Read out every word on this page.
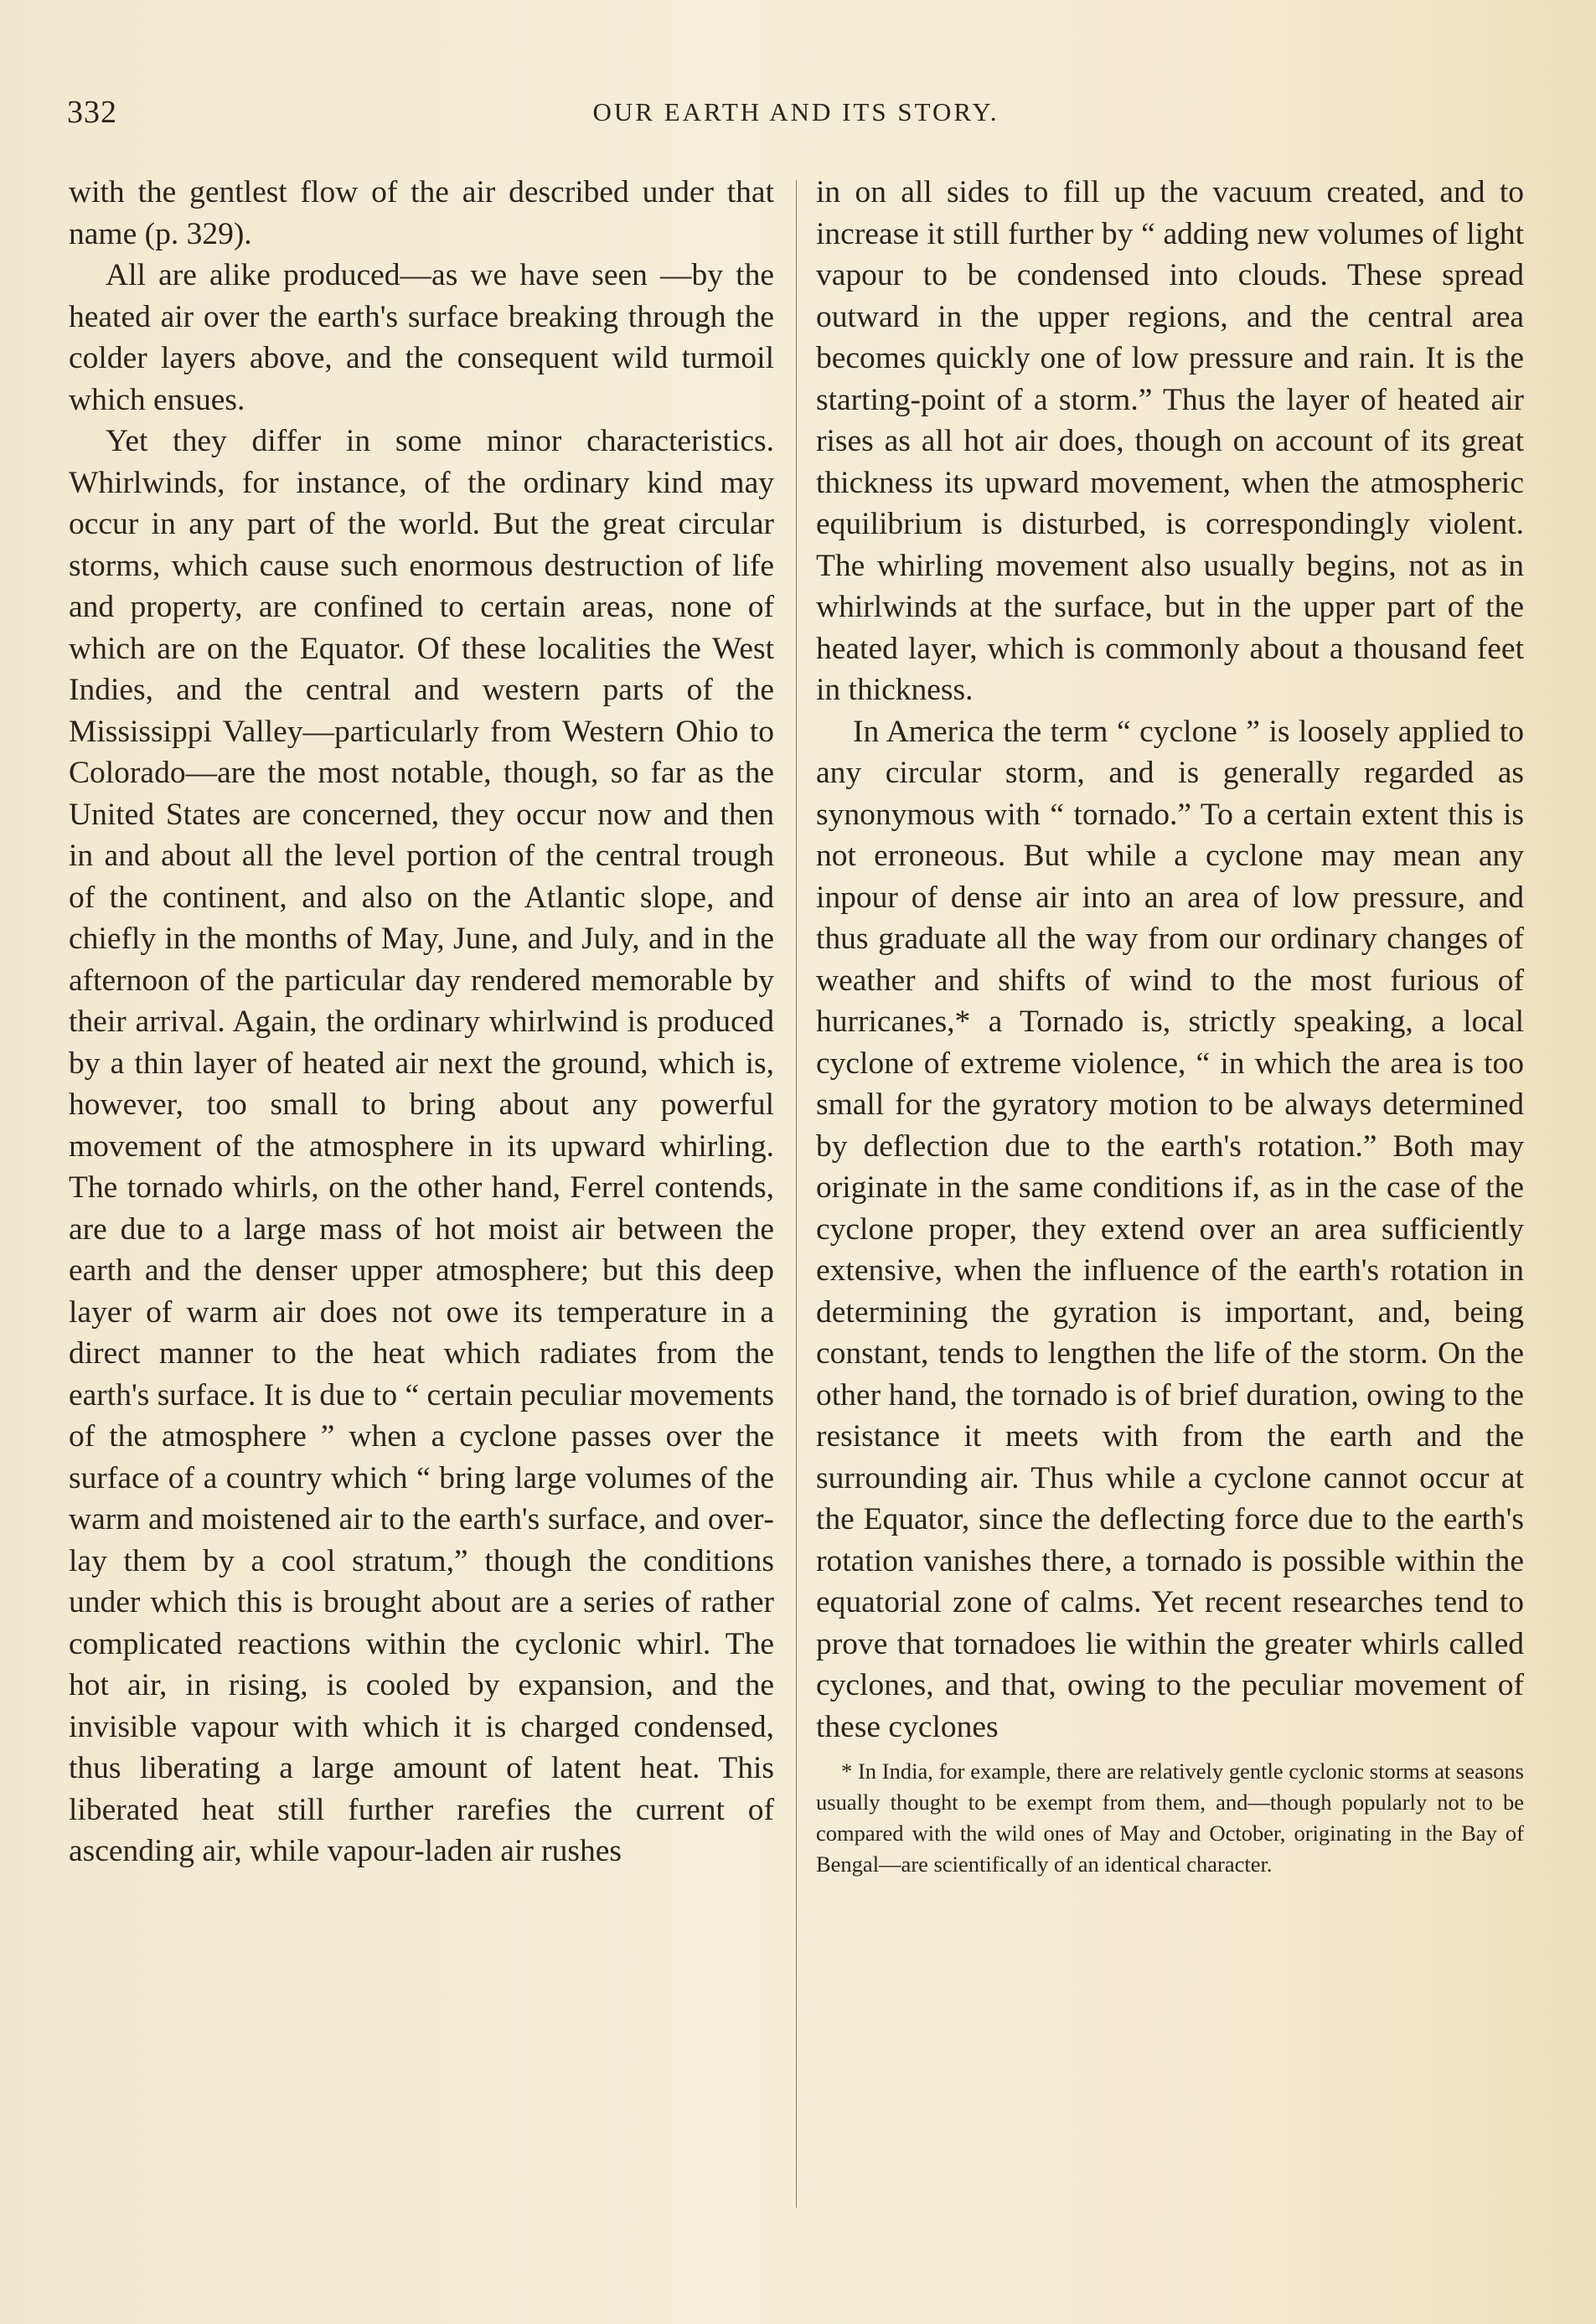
332	OUR EARTH AND ITS STORY.

with the gentlest flow of the air described under that name (p. 329).

All are alike produced—as we have seen —by the heated air over the earth's surface breaking through the colder layers above, and the consequent wild turmoil which ensues.

Yet they differ in some minor characteristics. Whirlwinds, for instance, of the ordinary kind may occur in any part of the world. But the great circular storms, which cause such enormous destruction of life and property, are confined to certain areas, none of which are on the Equator. Of these localities the West Indies, and the central and western parts of the Mississippi Valley—particularly from Western Ohio to Colorado—are the most notable, though, so far as the United States are concerned, they occur now and then in and about all the level portion of the central trough of the continent, and also on the Atlantic slope, and chiefly in the months of May, June, and July, and in the afternoon of the particular day rendered memorable by their arrival. Again, the ordinary whirlwind is produced by a thin layer of heated air next the ground, which is, however, too small to bring about any powerful movement of the atmosphere in its upward whirling. The tornado whirls, on the other hand, Ferrel contends, are due to a large mass of hot moist air between the earth and the denser upper atmosphere; but this deep layer of warm air does not owe its temperature in a direct manner to the heat which radiates from the earth's surface. It is due to “ certain peculiar movements of the atmosphere ” when a cyclone passes over the surface of a country which “ bring large volumes of the warm and moistened air to the earth's surface, and overlay them by a cool stratum,” though the conditions under which this is brought about are a series of rather complicated reactions within the cyclonic whirl. The hot air, in rising, is cooled by expansion, and the invisible vapour with which it is charged condensed, thus liberating a large amount of latent heat. This liberated heat still further rarefies the current of ascending air, while vapour-laden air rushes

in on all sides to fill up the vacuum created, and to increase it still further by “ adding new volumes of light vapour to be condensed into clouds. These spread outward in the upper regions, and the central area becomes quickly one of low pressure and rain. It is the starting-point of a storm.” Thus the layer of heated air rises as all hot air does, though on account of its great thickness its upward movement, when the atmospheric equilibrium is disturbed, is correspondingly violent. The whirling movement also usually begins, not as in whirlwinds at the surface, but in the upper part of the heated layer, which is commonly about a thousand feet in thickness.

In America the term “ cyclone ” is loosely applied to any circular storm, and is generally regarded as synonymous with “ tornado.” To a certain extent this is not erroneous. But while a cyclone may mean any inpour of dense air into an area of low pressure, and thus graduate all the way from our ordinary changes of weather and shifts of wind to the most furious of hurricanes,* a Tornado is, strictly speaking, a local cyclone of extreme violence, “ in which the area is too small for the gyratory motion to be always determined by deflection due to the earth's rotation.” Both may originate in the same conditions if, as in the case of the cyclone proper, they extend over an area sufficiently extensive, when the influence of the earth's rotation in determining the gyration is important, and, being constant, tends to lengthen the life of the storm. On the other hand, the tornado is of brief duration, owing to the resistance it meets with from the earth and the surrounding air. Thus while a cyclone cannot occur at the Equator, since the deflecting force due to the earth's rotation vanishes there, a tornado is possible within the equatorial zone of calms. Yet recent researches tend to prove that tornadoes lie within the greater whirls called cyclones, and that, owing to the peculiar movement of these cyclones

* In India, for example, there are relatively gentle cyclonic storms at seasons usually thought to be exempt from them, and—though popularly not to be compared with the wild ones of May and October, originating in the Bay of Bengal—are scientifically of an identical character.
